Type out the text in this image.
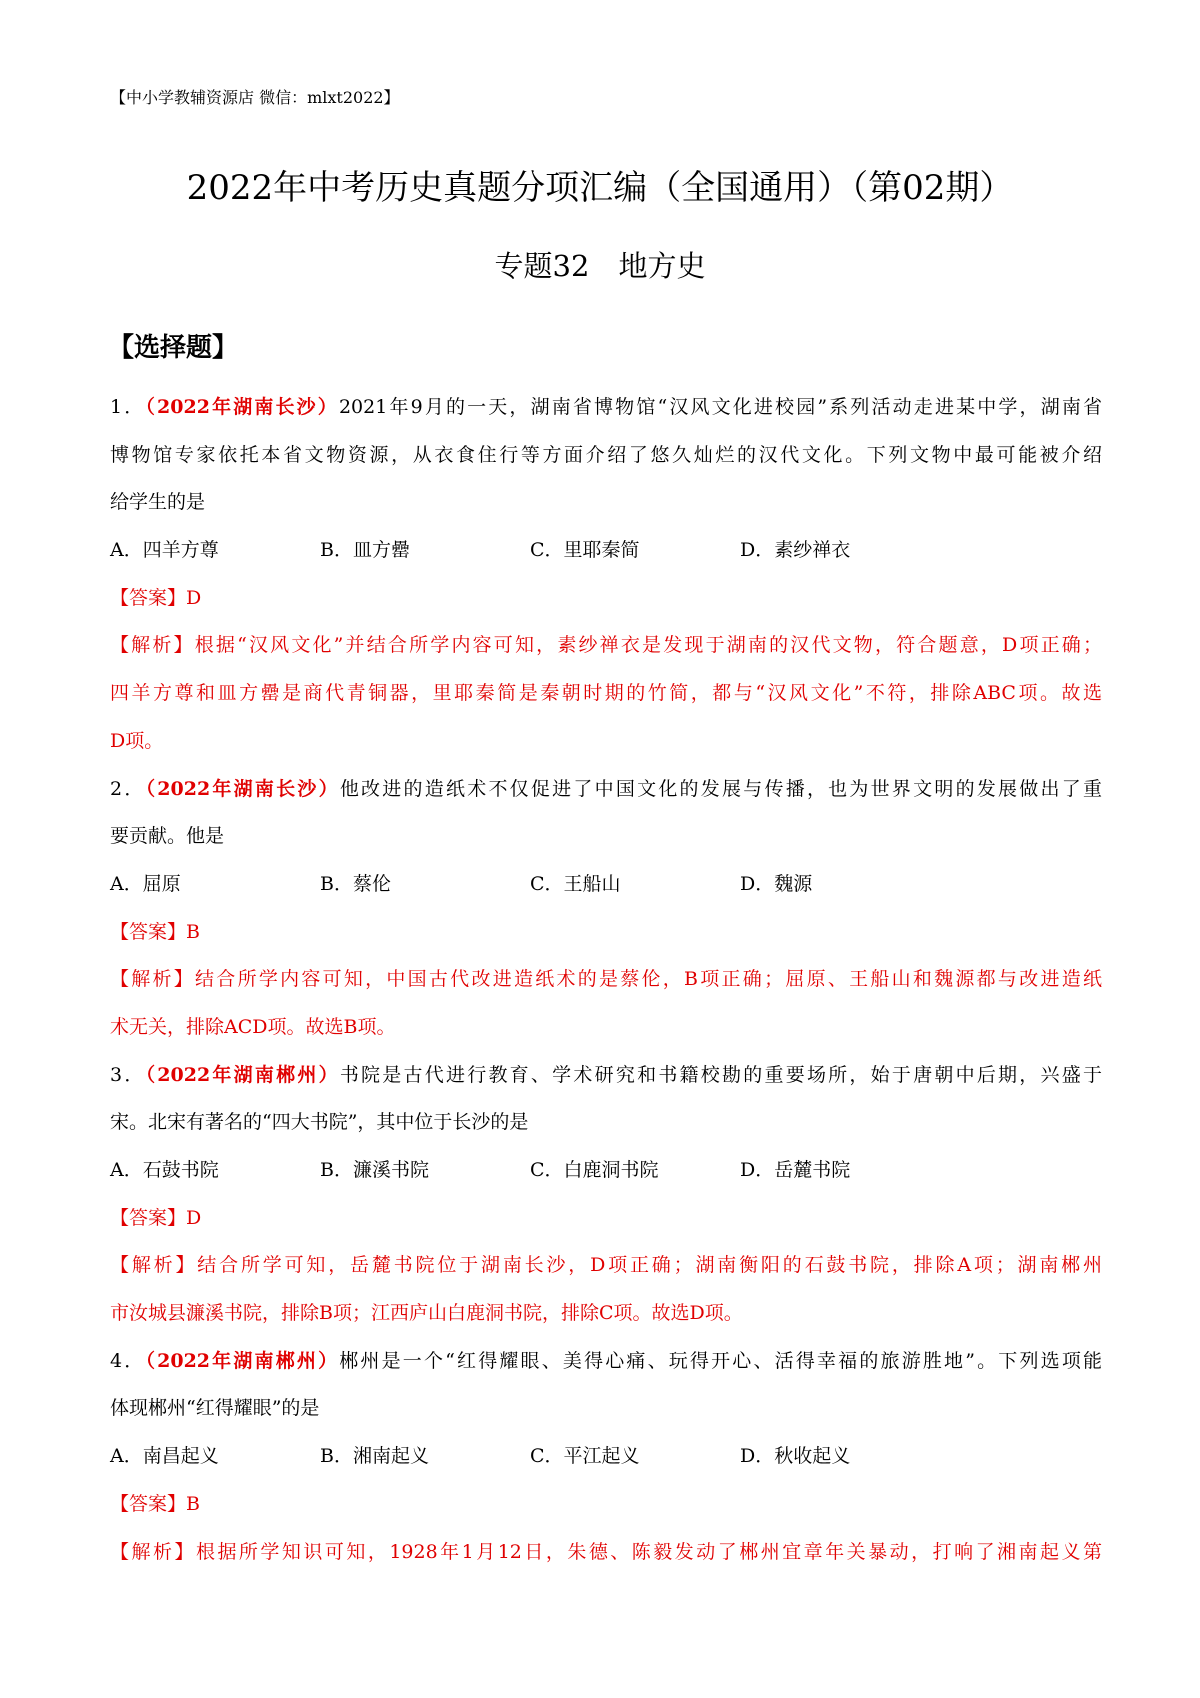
【中小学教辅资源店 微信：mlxt2022】
2022年中考历史真题分项汇编（全国通用）（第02期）
专题32　地方史
【选择题】
1．（2022年湖南长沙）2021年9月的一天，湖南省博物馆“汉风文化进校园”系列活动走进某中学，湖南省
博物馆专家依托本省文物资源，从衣食住行等方面介绍了悠久灿烂的汉代文化。下列文物中最可能被介绍
给学生的是
A．四羊方尊	B．皿方罍	C．里耶秦简	D．素纱禅衣
【答案】D
【解析】根据“汉风文化”并结合所学内容可知，素纱禅衣是发现于湖南的汉代文物，符合题意，D项正确；
四羊方尊和皿方罍是商代青铜器，里耶秦简是秦朝时期的竹简，都与“汉风文化”不符，排除ABC项。故选
D项。
2．（2022年湖南长沙）他改进的造纸术不仅促进了中国文化的发展与传播，也为世界文明的发展做出了重
要贡献。他是
A．屈原	B．蔡伦	C．王船山	D．魏源
【答案】B
【解析】结合所学内容可知，中国古代改进造纸术的是蔡伦，B项正确；屈原、王船山和魏源都与改进造纸
术无关，排除ACD项。故选B项。
3．（2022年湖南郴州）书院是古代进行教育、学术研究和书籍校勘的重要场所，始于唐朝中后期，兴盛于
宋。北宋有著名的“四大书院”，其中位于长沙的是
A．石鼓书院	B．濂溪书院	C．白鹿洞书院	D．岳麓书院
【答案】D
【解析】结合所学可知，岳麓书院位于湖南长沙，D项正确；湖南衡阳的石鼓书院，排除A项；湖南郴州
市汝城县濂溪书院，排除B项；江西庐山白鹿洞书院，排除C项。故选D项。
4．（2022年湖南郴州）郴州是一个“红得耀眼、美得心痛、玩得开心、活得幸福的旅游胜地”。下列选项能
体现郴州“红得耀眼”的是
A．南昌起义	B．湘南起义	C．平江起义	D．秋收起义
【答案】B
【解析】根据所学知识可知，1928年1月12日，朱德、陈毅发动了郴州宜章年关暴动，打响了湘南起义第
